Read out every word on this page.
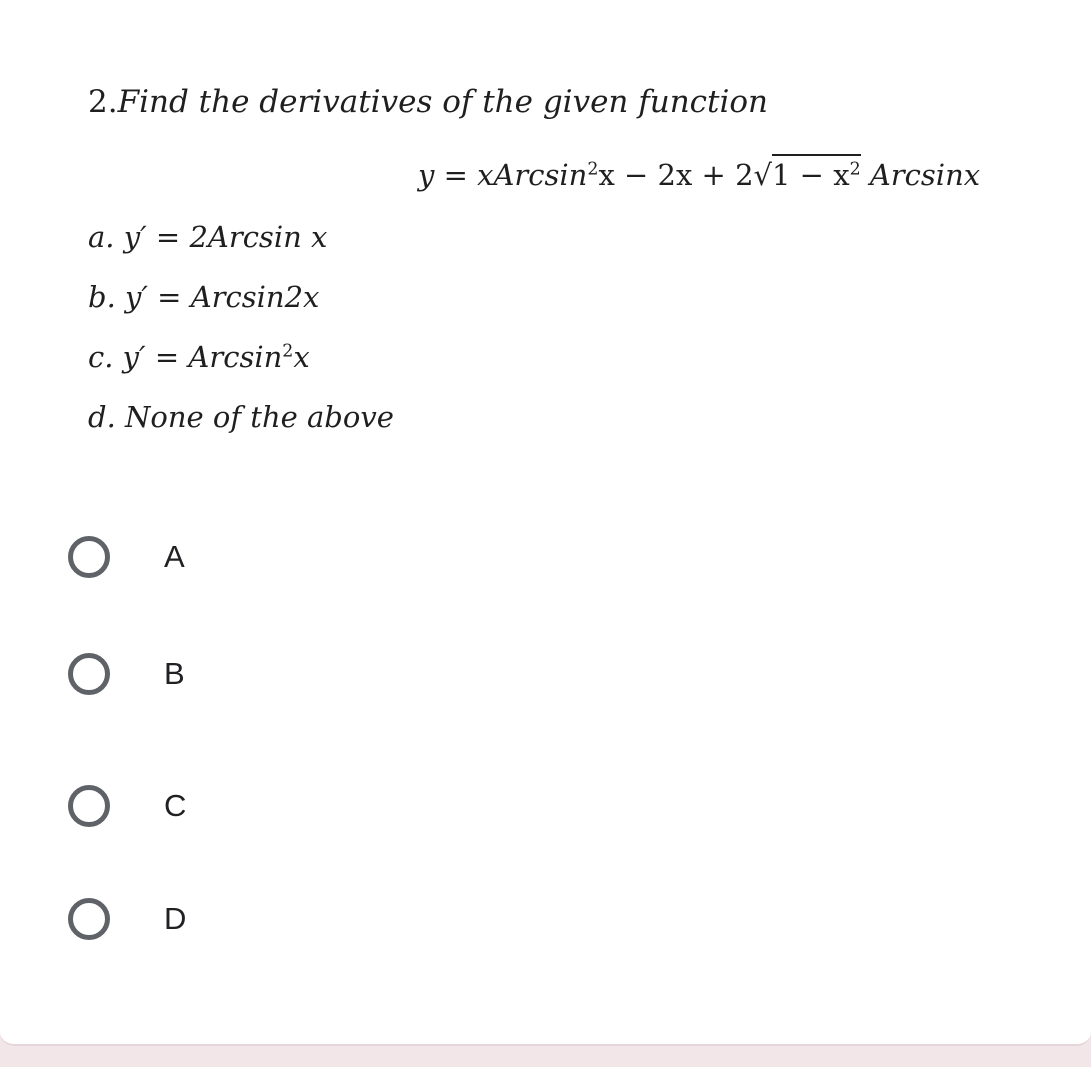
2.Find the derivatives of the given function
y = xArcsin$^2$x − $2x + 2√1 - x^2$ Arcsinx
a. y′ = 2Arcsin x
b. y′ = Arcsin2x
c. y′ = Arcsin$^2$x
d. None of the above
A
B
C
D
